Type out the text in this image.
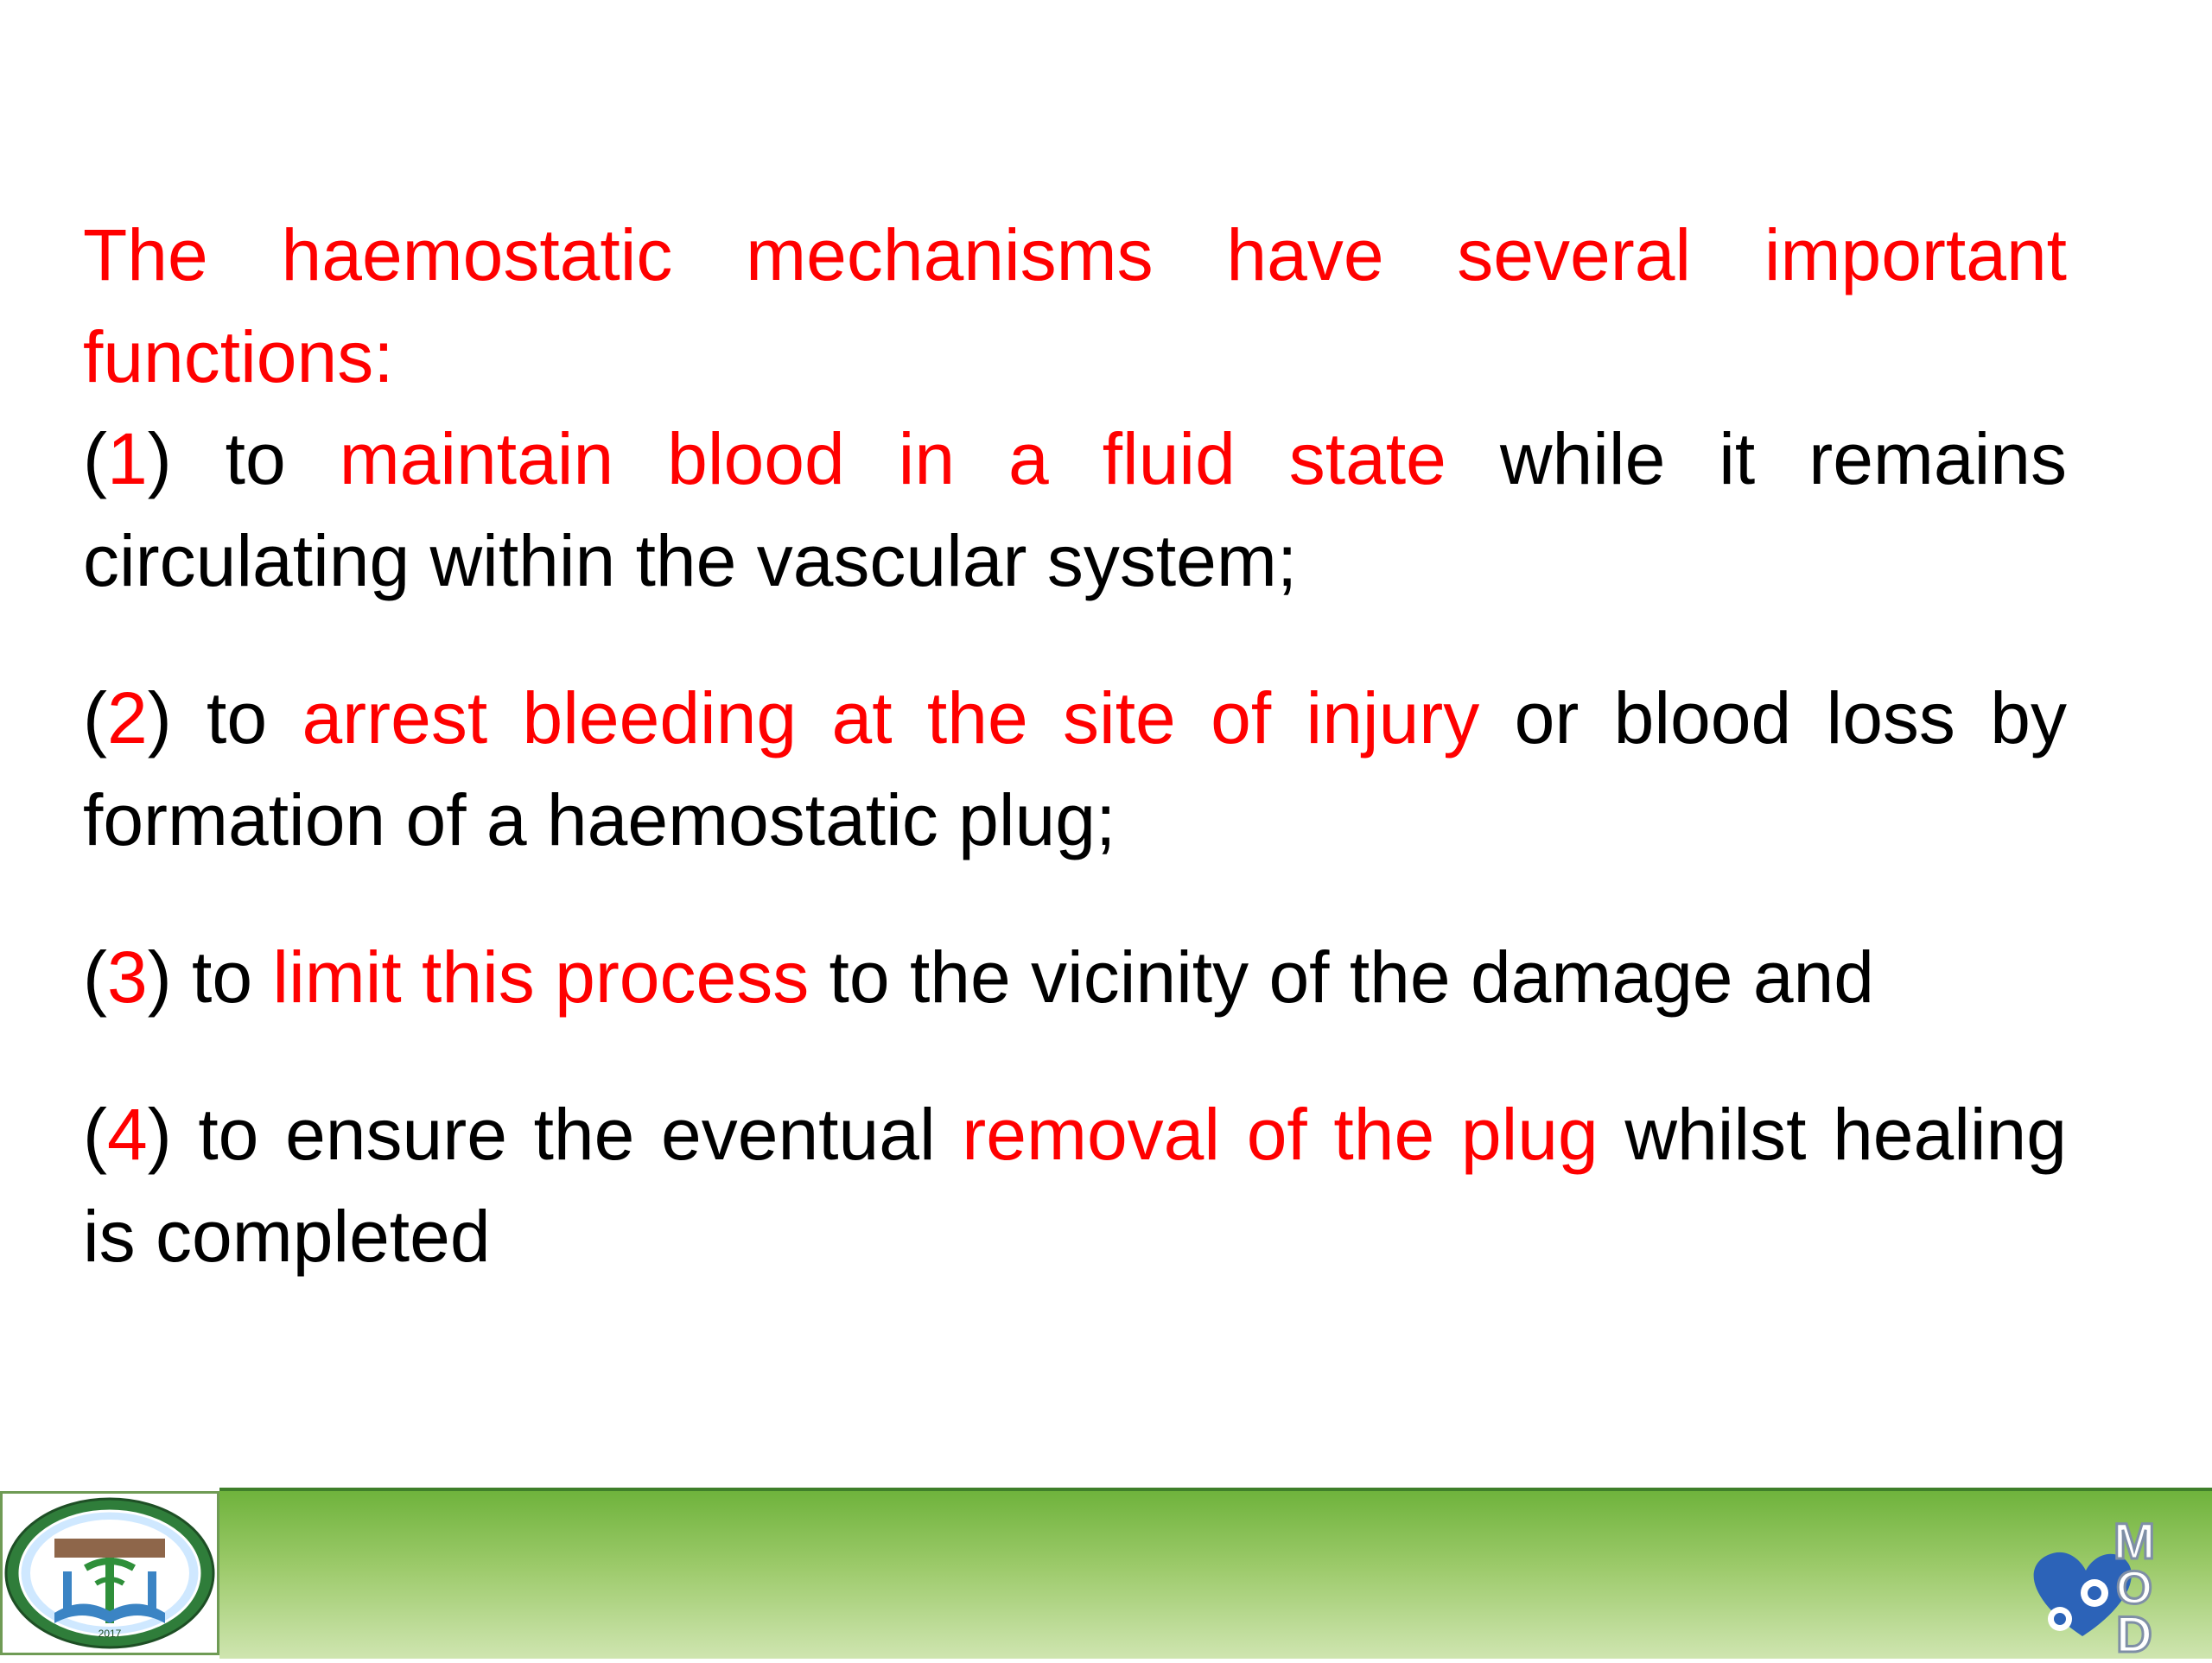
The haemostatic mechanisms have several important functions:

(1) to maintain blood in a fluid state while it remains circulating within the vascular system;

(2) to arrest bleeding at the site of injury or blood loss by formation of a haemostatic plug;

(3) to limit this process to the vicinity of the damage and

(4) to ensure the eventual removal of the plug whilst healing is completed

2017
M
O
D
